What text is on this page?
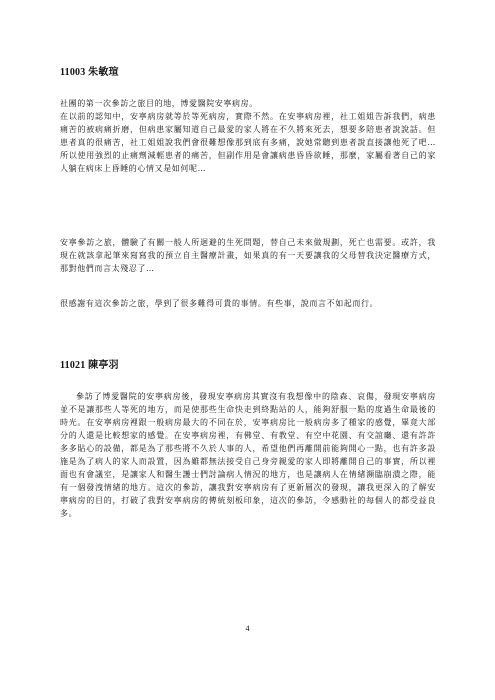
11003 朱敏瑄

社團的第一次參訪之旅目的地，博愛醫院安寧病房。

在以前的認知中，安寧病房就等於等死病房，實際不然。在安寧病房裡，社工姐姐告訴我們，病患痛苦的被病痛折磨，但病患家屬知道自己最愛的家人將在不久將來死去，想要多陪患者說說話。但患者真的很痛苦，社工姐姐說我們會很難想像那到底有多痛，說她常聽到患者說直接讓他死了吧…所以使用強烈的止痛劑減輕患者的痛苦，但副作用是會讓病患昏昏欲睡，那麼，家屬看著自己的家人躺在病床上昏睡的心情又是如何呢…

安寧參訪之旅，體驗了有關一般人所迴避的生死問題，替自己未來做規劃，死亡也需要。或許，我現在就該拿起筆來寫寫我的預立自主醫療計畫，如果真的有一天要讓我的父母替我決定醫療方式，那對他們而言太殘忍了…

很感謝有這次參訪之旅，學到了很多難得可貴的事情。有些事，說而言不如起而行。

11021 陳亭羽

參訪了博愛醫院的安寧病房後，發現安寧病房其實沒有我想像中的陰森、哀傷，發現安寧病房並不是讓那些人等死的地方，而是使那些生命快走到終點站的人，能夠舒服一點的度過生命最後的時光。在安寧病房裡跟一般病房最大的不同在於，安寧病房比一般病房多了種家的感覺，畢竟大部分的人還是比較想家的感覺。在安寧病房裡，有佛堂、有教堂、有空中花園、有交誼廳、還有許許多多貼心的設備，都是為了那些將不久於人事的人，希望他們再離開前能夠開心一點，也有許多設施是為了病人的家人而設置，因為雖都無法接受自己身旁親愛的家人即將離開自己的事實，所以裡面也有會議室，是讓家人和醫生護士們討論病人情況的地方，也是讓病人在情緒瀕臨崩潰之際，能有一個發洩情緒的地方。這次的參訪，讓我對安寧病房有了更新層次的發現，讓我更深入的了解安寧病房的目的，打破了我對安寧病房的傳統刻板印象，這次的參訪，令感動社的每個人的都受益良多。

4
